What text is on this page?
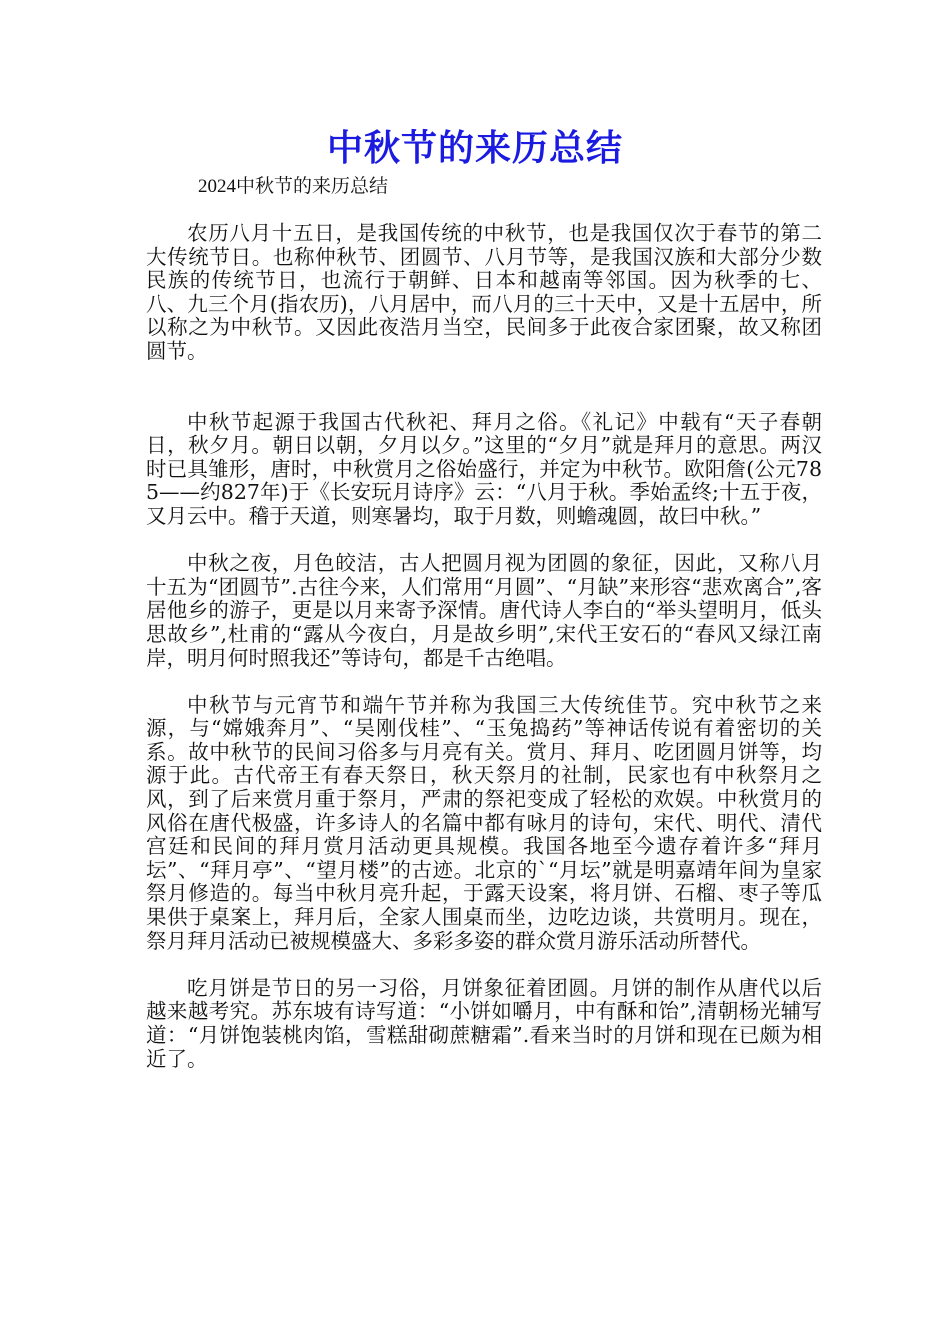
中秋节的来历总结

2024中秋节的来历总结

农历八月十五日，是我国传统的中秋节，也是我国仅次于春节的第二大传统节日。也称仲秋节、团圆节、八月节等，是我国汉族和大部分少数民族的传统节日，也流行于朝鲜、日本和越南等邻国。因为秋季的七、八、九三个月(指农历)，八月居中，而八月的三十天中，又是十五居中，所以称之为中秋节。又因此夜浩月当空，民间多于此夜合家团聚，故又称团圆节。

中秋节起源于我国古代秋祀、拜月之俗。《礼记》中载有“天子春朝日，秋夕月。朝日以朝，夕月以夕。”这里的“夕月”就是拜月的意思。两汉时已具雏形，唐时，中秋赏月之俗始盛行，并定为中秋节。欧阳詹(公元785——约827年)于《长安玩月诗序》云：“八月于秋。季始孟终;十五于夜，又月云中。稽于天道，则寒暑均，取于月数，则蟾魂圆，故曰中秋。”

中秋之夜，月色皎洁，古人把圆月视为团圆的象征，因此，又称八月十五为“团圆节”.古往今来，人们常用“月圆”、“月缺”来形容“悲欢离合”,客居他乡的游子，更是以月来寄予深情。唐代诗人李白的“举头望明月，低头思故乡”,杜甫的“露从今夜白，月是故乡明”,宋代王安石的“春风又绿江南岸，明月何时照我还”等诗句，都是千古绝唱。

中秋节与元宵节和端午节并称为我国三大传统佳节。究中秋节之来源，与“嫦娥奔月”、“吴刚伐桂”、“玉兔捣药”等神话传说有着密切的关系。故中秋节的民间习俗多与月亮有关。赏月、拜月、吃团圆月饼等，均源于此。古代帝王有春天祭日，秋天祭月的社制，民家也有中秋祭月之风，到了后来赏月重于祭月，严肃的祭祀变成了轻松的欢娱。中秋赏月的风俗在唐代极盛，许多诗人的名篇中都有咏月的诗句，宋代、明代、清代宫廷和民间的拜月赏月活动更具规模。我国各地至今遗存着许多“拜月坛”、“拜月亭”、“望月楼”的古迹。北京的`“月坛”就是明嘉靖年间为皇家祭月修造的。每当中秋月亮升起，于露天设案，将月饼、石榴、枣子等瓜果供于桌案上，拜月后，全家人围桌而坐，边吃边谈，共赏明月。现在，祭月拜月活动已被规模盛大、多彩多姿的群众赏月游乐活动所替代。

吃月饼是节日的另一习俗，月饼象征着团圆。月饼的制作从唐代以后越来越考究。苏东坡有诗写道：“小饼如嚼月，中有酥和饴”,清朝杨光辅写道：“月饼饱装桃肉馅，雪糕甜砌蔗糖霜”.看来当时的月饼和现在已颇为相近了。
